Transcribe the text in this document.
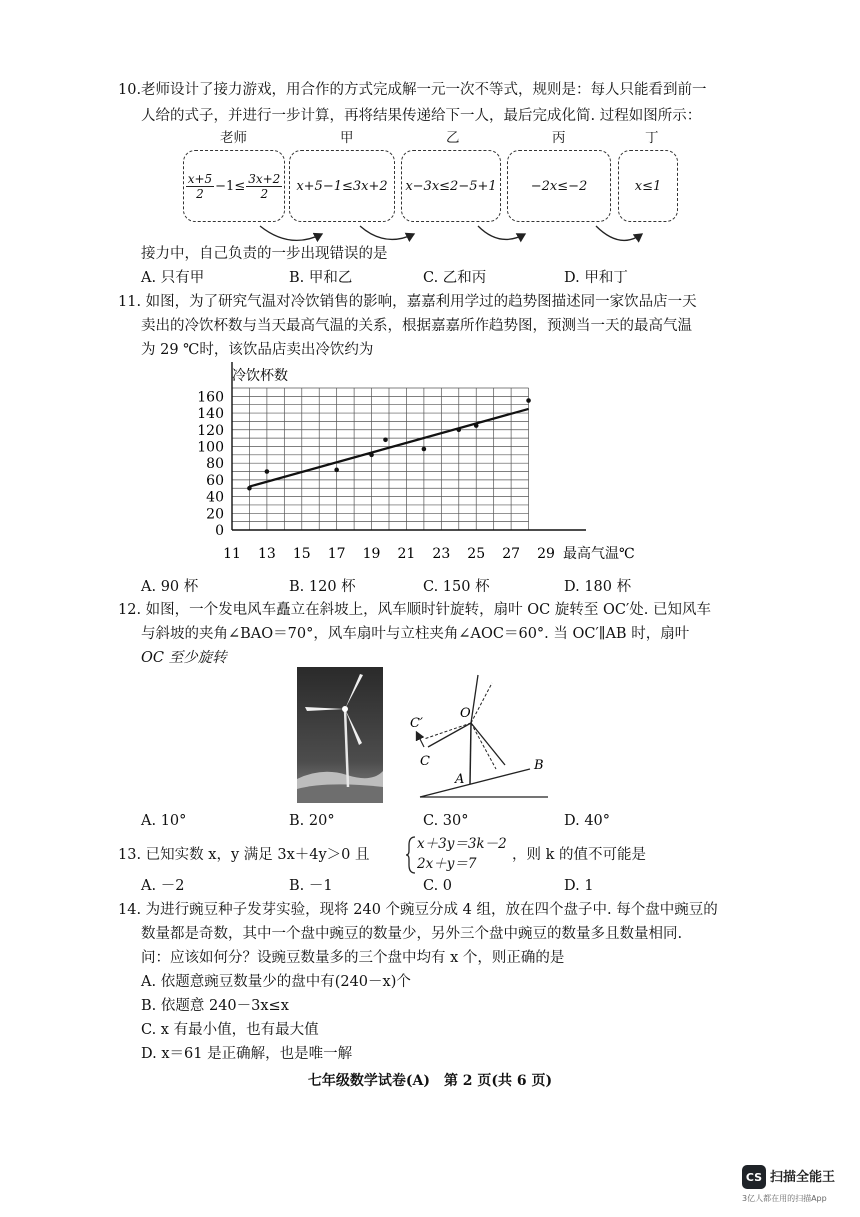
10.老师设计了接力游戏，用合作的方式完成解一元一次不等式，规则是：每人只能看到前一
人给的式子，并进行一步计算，再将结果传递给下一人，最后完成化简. 过程如图所示：
老师	甲	乙	丙	丁
$\frac{x+5}{2} -1\le \frac{3x+2}{2}$	x+5−1≤3x+2	x−3x≤2−5+1	−2x≤−2	x≤1
接力中，自己负责的一步出现错误的是
A. 只有甲	B. 甲和乙	C. 乙和丙	D. 甲和丁
11. 如图，为了研究气温对冷饮销售的影响，嘉嘉利用学过的趋势图描述同一家饮品店一天
卖出的冷饮杯数与当天最高气温的关系，根据嘉嘉所作趋势图，预测当一天的最高气温
为 29 ℃时，该饮品店卖出冷饮约为
0
20
40
60
80
100
120
140
160
11 13 15 17 19 21 23 25 27 29
冷饮杯数
最高气温℃
A. 90 杯	B. 120 杯	C. 150 杯	D. 180 杯
12. 如图，一个发电风车矗立在斜坡上，风车顺时针旋转，扇叶 OC 旋转至 OC′处. 已知风车
与斜坡的夹角∠BAO＝70°，风车扇叶与立柱夹角∠AOC＝60°. 当 OC′∥AB 时，扇叶
OC 至少旋转
O
C′
C
A
B
A. 10°	B. 20°	C. 30°	D. 40°
13. 已知实数 x，y 满足 3x＋4y＞0 且
x＋3y＝3k－2
2x＋y＝7
，则 k 的值不可能是
A. －2	B. －1	C. 0	D. 1
14. 为进行豌豆种子发芽实验，现将 240 个豌豆分成 4 组，放在四个盘子中. 每个盘中豌豆的
数量都是奇数，其中一个盘中豌豆的数量少，另外三个盘中豌豆的数量多且数量相同.
问：应该如何分？设豌豆数量多的三个盘中均有 x 个，则正确的是
A. 依题意豌豆数量少的盘中有(240－x)个
B. 依题意 240－3x≤x
C. x 有最小值，也有最大值
D. x＝61 是正确解，也是唯一解
七年级数学试卷(A)　第 2 页(共 6 页)
CS 扫描全能王
3亿人都在用的扫描App
